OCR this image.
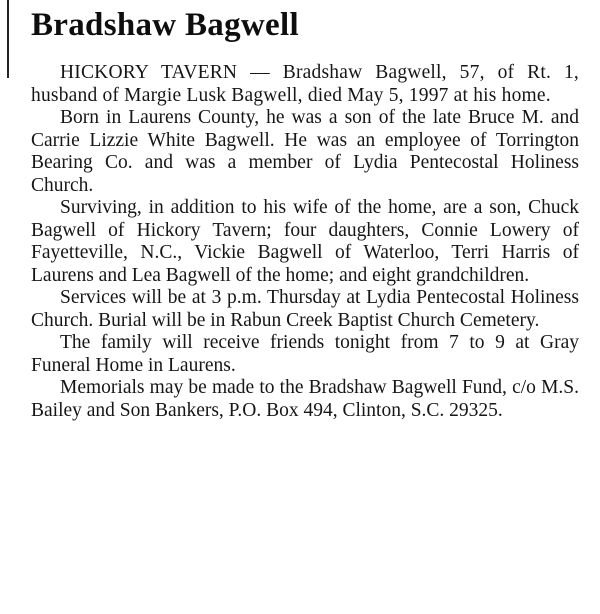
Bradshaw Bagwell

HICKORY TAVERN — Bradshaw Bagwell, 57, of Rt. 1, husband of Margie Lusk Bagwell, died May 5, 1997 at his home.

Born in Laurens County, he was a son of the late Bruce M. and Carrie Lizzie White Bagwell. He was an employee of Torrington Bearing Co. and was a member of Lydia Pentecostal Holiness Church.

Surviving, in addition to his wife of the home, are a son, Chuck Bagwell of Hickory Tavern; four daughters, Connie Lowery of Fayetteville, N.C., Vickie Bagwell of Waterloo, Terri Harris of Laurens and Lea Bagwell of the home; and eight grandchildren.

Services will be at 3 p.m. Thursday at Lydia Pentecostal Holiness Church. Burial will be in Rabun Creek Baptist Church Cemetery.

The family will receive friends tonight from 7 to 9 at Gray Funeral Home in Laurens.

Memorials may be made to the Bradshaw Bagwell Fund, c/o M.S. Bailey and Son Bankers, P.O. Box 494, Clinton, S.C. 29325.
